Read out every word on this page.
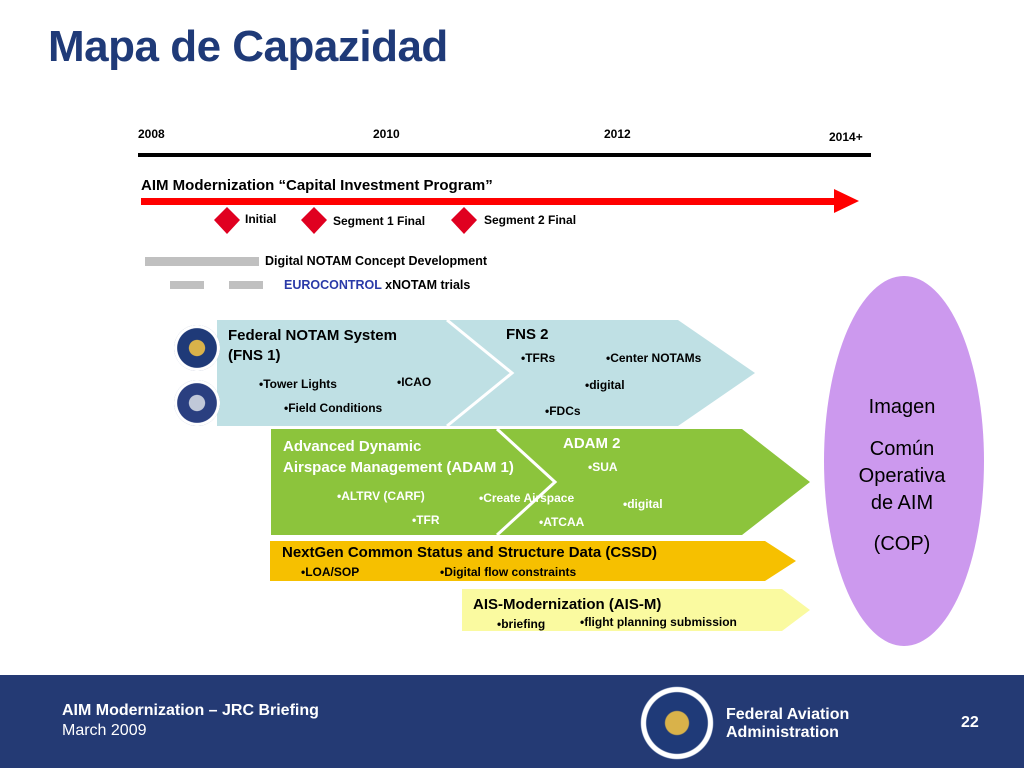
Mapa de Capazidad
2008	2010	2012	2014+
AIM Modernization “Capital Investment Program”
Initial	Segment 1 Final	Segment 2 Final
Digital NOTAM Concept Development
EUROCONTROL xNOTAM trials
Federal NOTAM System
(FNS 1)
•Tower Lights	•ICAO
•Field Conditions
FNS 2
•TFRs	•Center NOTAMs
•digital
•FDCs
Advanced Dynamic
Airspace Management (ADAM 1)
•ALTRV (CARF)	•Create Airspace
•TFR
ADAM 2
•SUA
•digital
•ATCAA
NextGen Common Status and Structure Data (CSSD)
•LOA/SOP	•Digital flow constraints
AIS-Modernization (AIS-M)
•briefing	•flight planning submission
Imagen
Común
Operativa
de AIM
(COP)
AIM Modernization – JRC Briefing
March 2009
Federal Aviation
Administration
22
